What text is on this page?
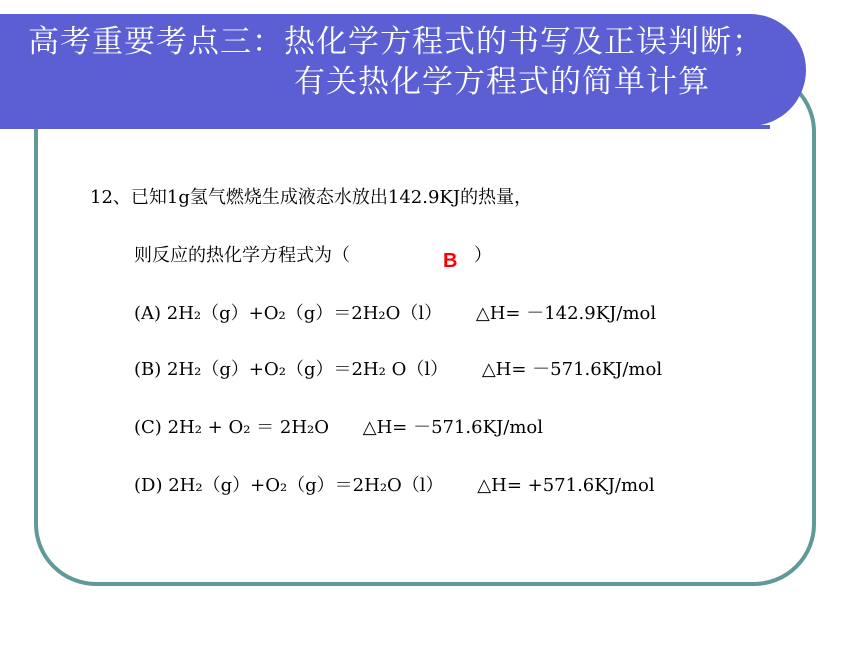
高考重要考点三：热化学方程式的书写及正误判断；
有关热化学方程式的简单计算
12、已知1g氢气燃烧生成液态水放出142.9KJ的热量，
则反应的热化学方程式为（	）
B
(A) 2H₂（g）+O₂（g）＝2H₂O（l） △H= －142.9KJ/mol
(B) 2H₂（g）+O₂（g）＝2H₂ O（l） △H= －571.6KJ/mol
(C) 2H₂ + O₂ ＝ 2H₂O △H= －571.6KJ/mol
(D) 2H₂（g）+O₂（g）＝2H₂O（l） △H= +571.6KJ/mol
